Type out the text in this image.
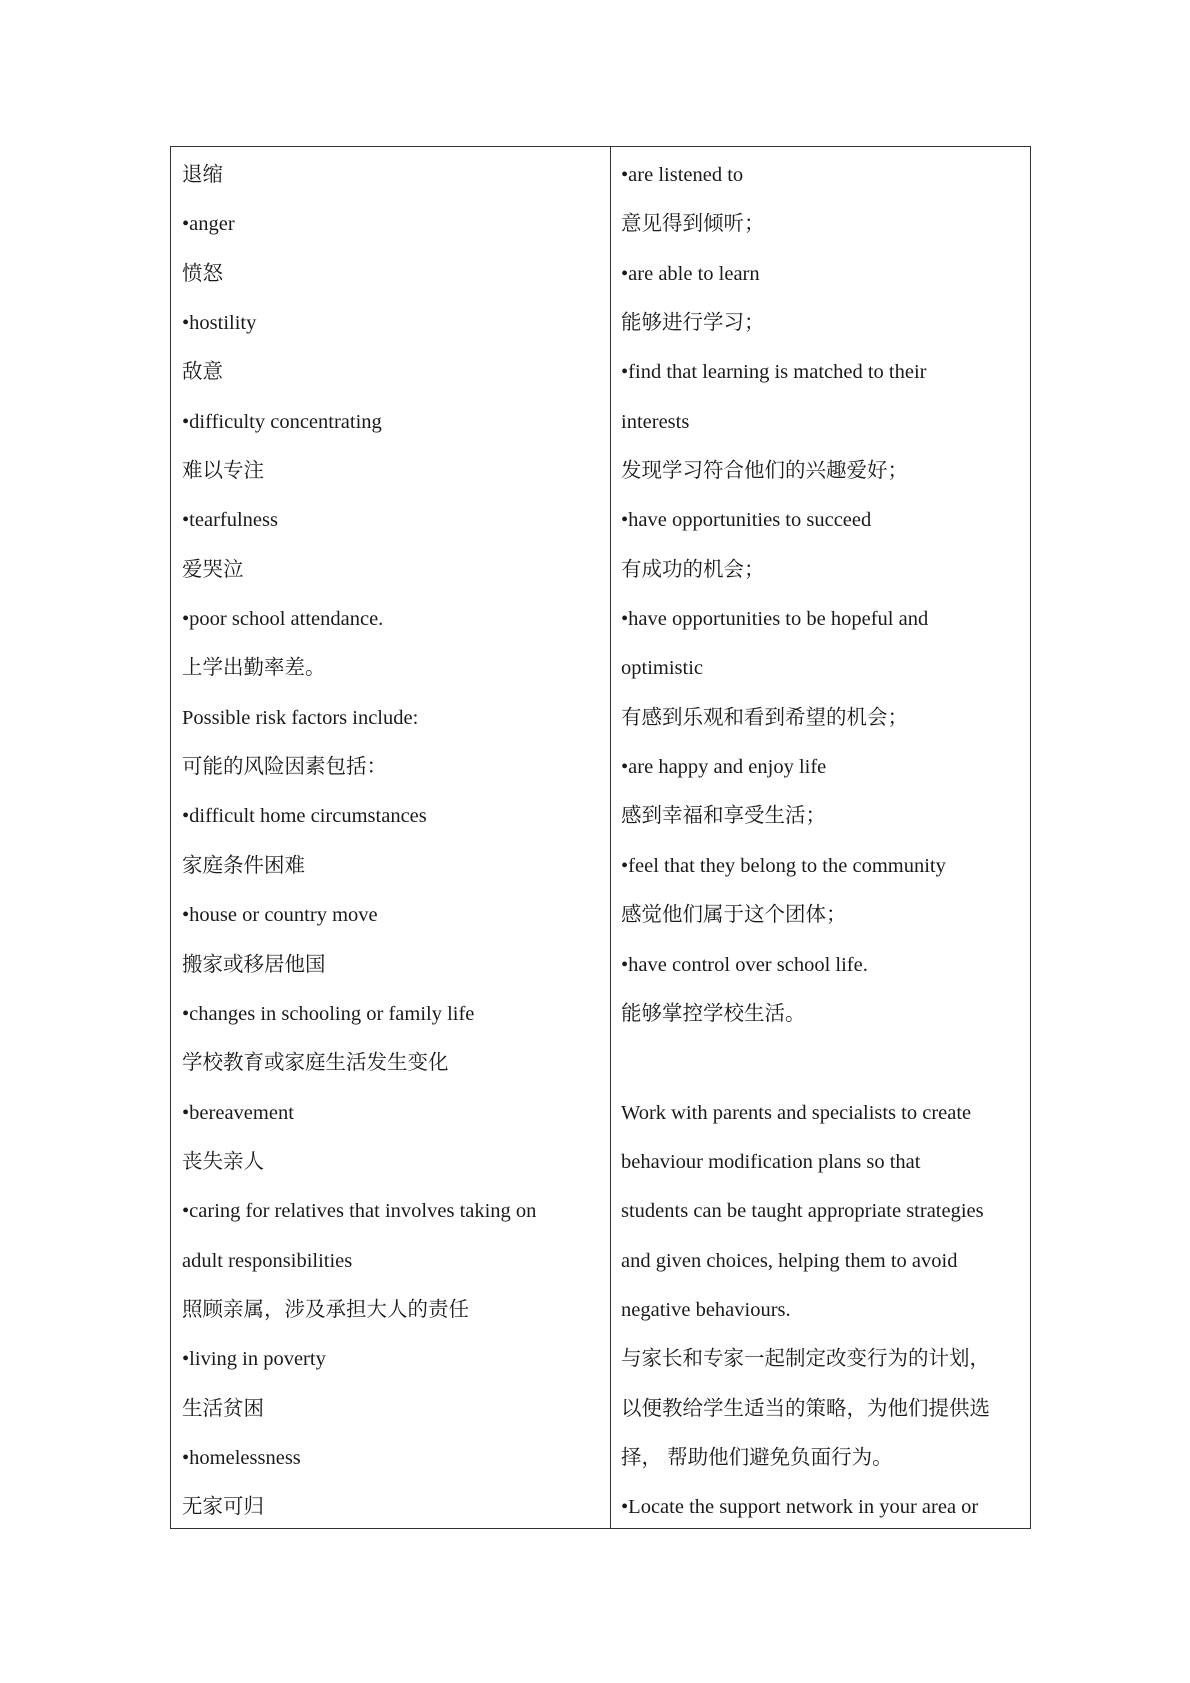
退缩
•anger
愤怒
•hostility
敌意
•difficulty concentrating
难以专注
•tearfulness
爱哭泣
•poor school attendance.
上学出勤率差。
Possible risk factors include:
可能的风险因素包括：
•difficult home circumstances
家庭条件困难
•house or country move
搬家或移居他国
•changes in schooling or family life
学校教育或家庭生活发生变化
•bereavement
丧失亲人
•caring for relatives that involves taking on
adult responsibilities
照顾亲属，涉及承担大人的责任
•living in poverty
生活贫困
•homelessness
无家可归
•are listened to
意见得到倾听；
•are able to learn
能够进行学习；
•find that learning is matched to their
interests
发现学习符合他们的兴趣爱好；
•have opportunities to succeed
有成功的机会；
•have opportunities to be hopeful and
optimistic
有感到乐观和看到希望的机会；
•are happy and enjoy life
感到幸福和享受生活；
•feel that they belong to the community
感觉他们属于这个团体；
•have control over school life.
能够掌控学校生活。
Work with parents and specialists to create
behaviour modification plans so that
students can be taught appropriate strategies
and given choices, helping them to avoid
negative behaviours.
与家长和专家一起制定改变行为的计划，
以便教给学生适当的策略，为他们提供选
择， 帮助他们避免负面行为。
•Locate the support network in your area or
